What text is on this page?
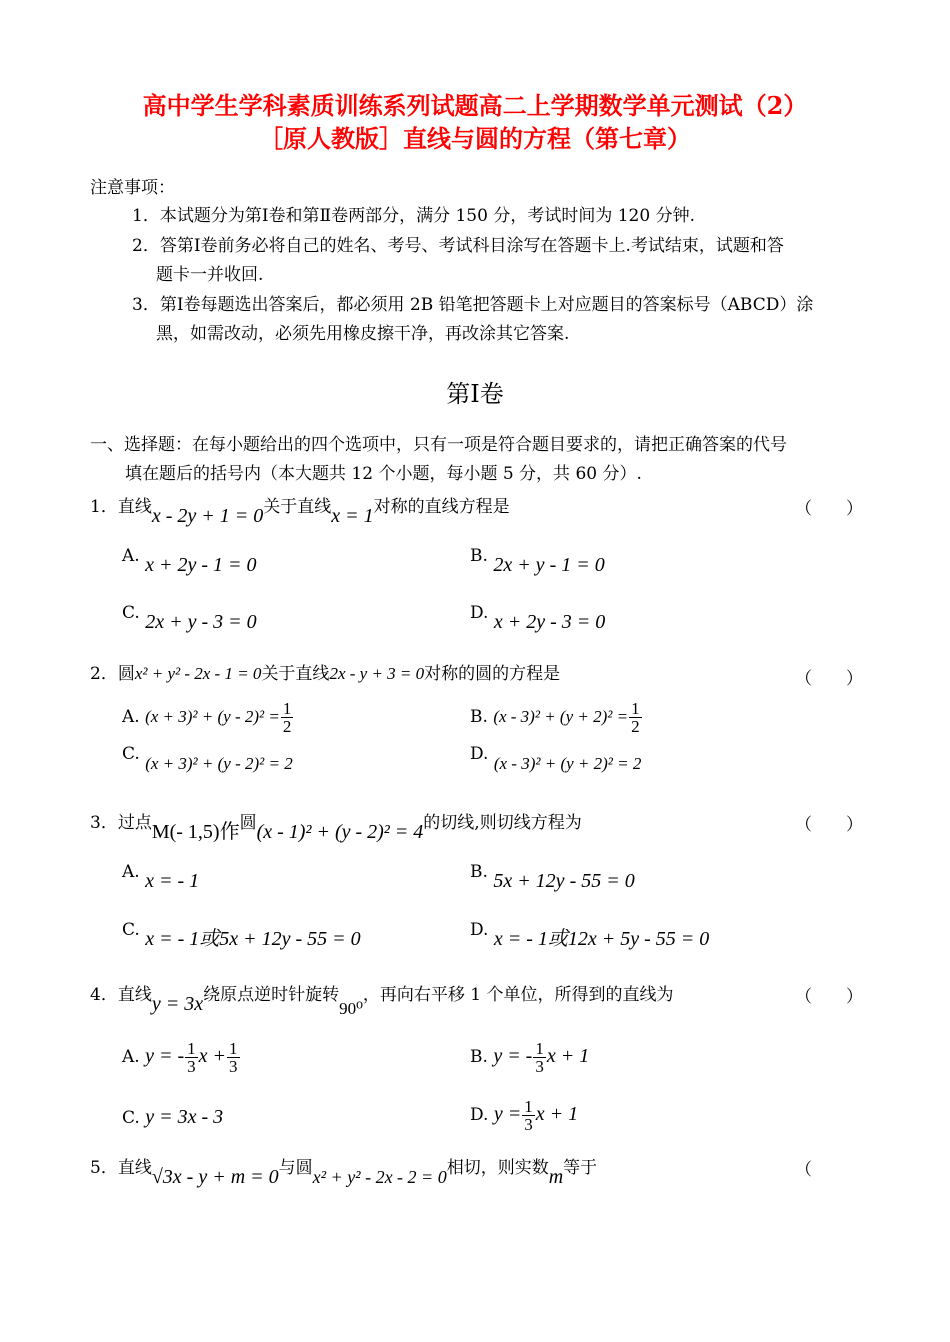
高中学生学科素质训练系列试题高二上学期数学单元测试（2）
［原人教版］直线与圆的方程（第七章）
注意事项：
1．本试题分为第Ⅰ卷和第Ⅱ卷两部分，满分 150 分，考试时间为 120 分钟.
2．答第Ⅰ卷前务必将自己的姓名、考号、考试科目涂写在答题卡上.考试结束，试题和答
题卡一并收回.
3．第Ⅰ卷每题选出答案后，都必须用 2B 铅笔把答题卡上对应题目的答案标号（ABCD）涂
黑，如需改动，必须先用橡皮擦干净，再改涂其它答案.
第Ⅰ卷
一、选择题：在每小题给出的四个选项中，只有一项是符合题目要求的，请把正确答案的代号
填在题后的括号内（本大题共 12 个小题，每小题 5 分，共 60 分）.
1．直线x - 2y + 1 = 0关于直线x = 1对称的直线方程是	（　　）
A. x + 2y - 1 = 0	B. 2x + y - 1 = 0
C. 2x + y - 3 = 0	D. x + 2y - 3 = 0
2．圆x² + y² - 2x - 1 = 0关于直线2x - y + 3 = 0对称的圆的方程是	（　　）
A. $(x + 3)^2 + (y - 2)^2 = \frac{1}{2}$	B. $(x - 3)^2 + (y + 2)^2 = \frac{1}{2}$
C. (x + 3)² + (y - 2)² = 2	D. (x - 3)² + (y + 2)² = 2
3．过点M(- 1,5)作圆(x - 1)² + (y - 2)² = 4的切线,则切线方程为	（　　）
A. x = - 1	B. 5x + 12y - 55 = 0
C. x = - 1或5x + 12y - 55 = 0	D. x = - 1或12x + 5y - 55 = 0
4．直线y = 3x绕原点逆时针旋转90⁰，再向右平移 1 个单位，所得到的直线为	（　　）
A. y = - $\frac{1}{3}$ $x + \frac{1}{3}$	B. y = - $\frac{1}{3}$ x + 1
C. y = 3x - 3	D. $y = \frac{1}{3}$ x + 1
5．直线√3x - y + m = 0与圆x² + y² - 2x - 2 = 0相切，则实数m等于	（
